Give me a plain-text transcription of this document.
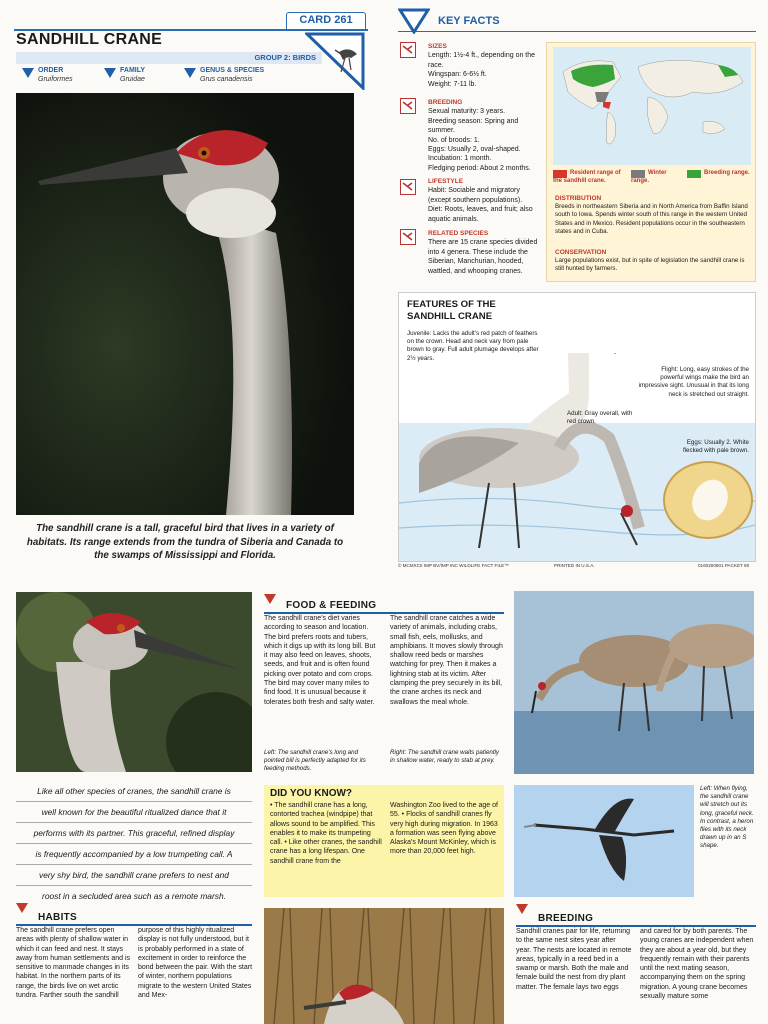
CARD 261
SANDHILL CRANE
GROUP 2: BIRDS
ORDER
Gruiformes
FAMILY
Gruidae
GENUS & SPECIES
Grus canadensis
The sandhill crane is a tall, graceful bird that lives in a variety of habitats. Its range extends from the tundra of Siberia and Canada to the swamps of Mississippi and Florida.
KEY FACTS
SIZES
Length: 1½-4 ft., depending on the race.
Wingspan: 6-6½ ft.
Weight: 7-11 lb.
BREEDING
Sexual maturity: 3 years.
Breeding season: Spring and summer.
No. of broods: 1.
Eggs: Usually 2, oval-shaped.
Incubation: 1 month.
Fledging period: About 2 months.
LIFESTYLE
Habit: Sociable and migratory (except southern populations).
Diet: Roots, leaves, and fruit; also aquatic animals.
RELATED SPECIES
There are 15 crane species divided into 4 genera. These include the Siberian, Manchurian, hooded, wattled, and whooping cranes.
Resident range of the sandhill crane.
Winter range.
Breeding range.
DISTRIBUTION
Breeds in northeastern Siberia and in North America from Baffin Island south to Iowa. Spends winter south of this range in the western United States and in Mexico. Resident populations occur in the southeastern states and in Cuba.
CONSERVATION
Large populations exist, but in spite of legislation the sandhill crane is still hunted by farmers.
FEATURES OF THE
SANDHILL CRANE
Juvenile: Lacks the adult's red patch of feathers on the crown. Head and neck vary from pale brown to gray. Full adult plumage develops after 2½ years.
Flight: Long, easy strokes of the powerful wings make the bird an impressive sight. Unusual in that its long neck is stretched out straight.
Adult: Gray overall, with red crown.
Eggs: Usually 2. White flecked with pale brown.
© MCMXCII IMP BV/IMP INC WILDLIFE FACT FILE™	PRINTED IN U.S.A.	0160200801 PACKET 80
FOOD & FEEDING
The sandhill crane's diet varies according to season and location. The bird prefers roots and tubers, which it digs up with its long bill. But it may also feed on leaves, shoots, seeds, and fruit and is often found picking over potato and corn crops. The bird may cover many miles to find food. It is unusual because it tolerates both fresh and salty water.
The sandhill crane catches a wide variety of animals, including crabs, small fish, eels, mollusks, and amphibians. It moves slowly through shallow reed beds or marshes watching for prey. Then it makes a lightning stab at its victim. After clamping the prey securely in its bill, the crane arches its neck and swallows the meal whole.
Left: The sandhill crane's long and pointed bill is perfectly adapted for its feeding methods.
Right: The sandhill crane waits patiently in shallow water, ready to stab at prey.
Like all other species of cranes, the sandhill crane is
well known for the beautiful ritualized dance that it
performs with its partner. This graceful, refined display
is frequently accompanied by a low trumpeting call. A
very shy bird, the sandhill crane prefers to nest and
roost in a secluded area such as a remote marsh.
DID YOU KNOW?
• The sandhill crane has a long, contorted trachea (windpipe) that allows sound to be amplified. This enables it to make its trumpeting call. • Like other cranes, the sandhill crane has a long lifespan. One sandhill crane from the
Washington Zoo lived to the age of 55. • Flocks of sandhill cranes fly very high during migration. In 1963 a formation was seen flying above Alaska's Mount McKinley, which is more than 20,000 feet high.
Left: When flying, the sandhill crane will stretch out its long, graceful neck. In contrast, a heron flies with its neck drawn up in an S shape.
HABITS
The sandhill crane prefers open areas with plenty of shallow water in which it can feed and nest. It stays away from human settlements and is sensitive to manmade changes in its habitat. In the northern parts of its range, the birds live on wet arctic tundra. Farther south the sandhill
purpose of this highly ritualized display is not fully understood, but it is probably performed in a state of excitement in order to reinforce the bond between the pair. With the start of winter, northern populations migrate to the western United States and Mex-
BREEDING
Sandhill cranes pair for life, returning to the same nest sites year after year. The nests are located in remote areas, typically in a reed bed in a swamp or marsh. Both the male and female build the nest from dry plant matter. The female lays two eggs
and cared for by both parents. The young cranes are independent when they are about a year old, but they frequently remain with their parents until the next mating season, accompanying them on the spring migration. A young crane becomes sexually mature some
